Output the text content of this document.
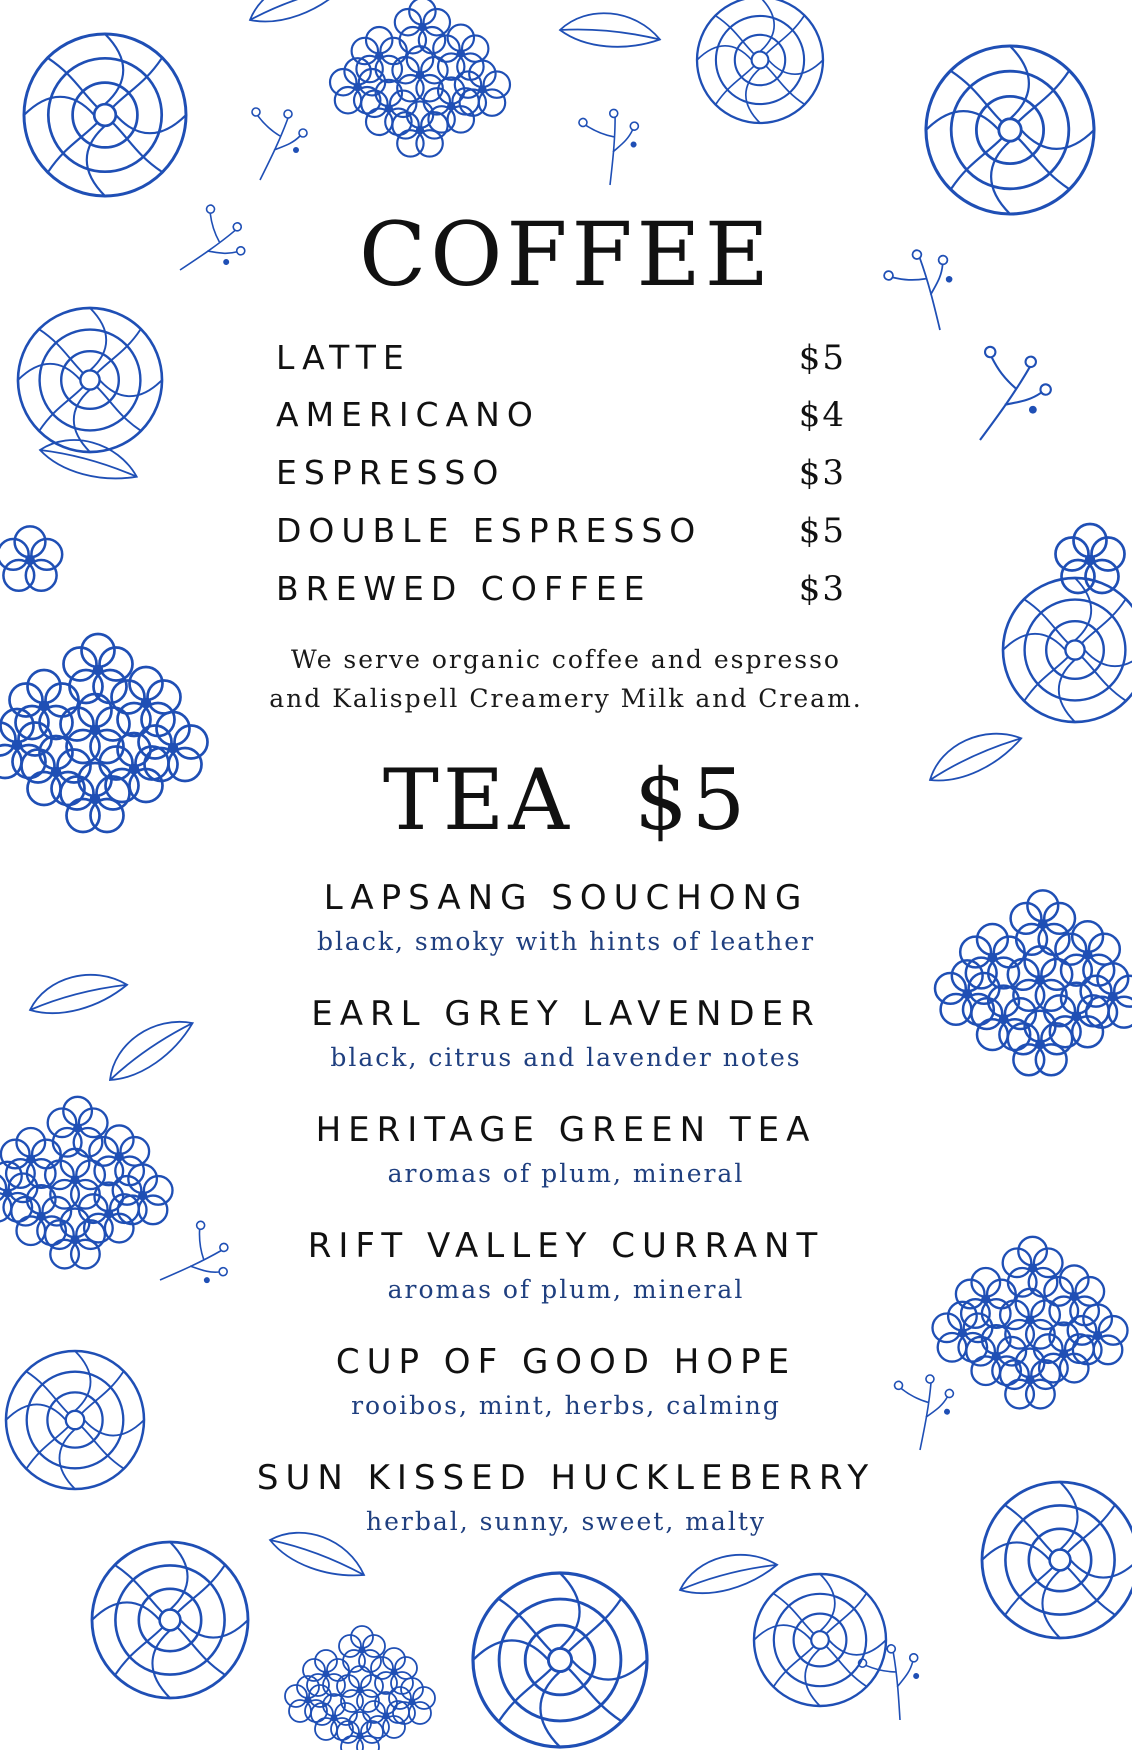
COFFEE
LATTE	$5
AMERICANO	$4
ESPRESSO	$3
DOUBLE ESPRESSO	$5
BREWED COFFEE	$3
We serve organic coffee and espresso
and Kalispell Creamery Milk and Cream.
TEA  $5
LAPSANG SOUCHONG
black, smoky with hints of leather
EARL GREY LAVENDER
black, citrus and lavender notes
HERITAGE GREEN TEA
aromas of plum, mineral
RIFT VALLEY CURRANT
aromas of plum, mineral
CUP OF GOOD HOPE
rooibos, mint, herbs, calming
SUN KISSED HUCKLEBERRY
herbal, sunny, sweet, malty
